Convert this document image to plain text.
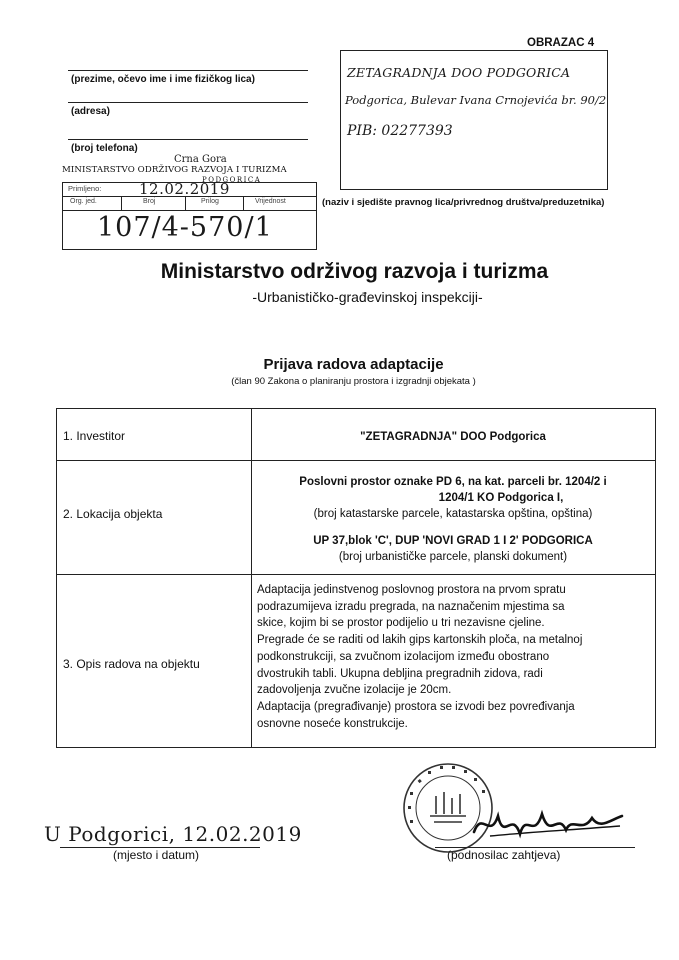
OBRAZAC 4
(prezime, očevo ime i ime fizičkog lica)
(adresa)
(broj telefona)
ZETAGRADNJA DOO PODGORICA
Podgorica, Bulevar Ivana Crnojevića br. 90/2
PIB: 02277393
(naziv i sjedište pravnog lica/privrednog društva/preduzetnika)
Crna Gora
MINISTARSTVO ODRŽIVOG RAZVOJA I TURIZMA
PODGORICA
Primljeno:	12.02.2019
Org. jed.	Broj	Prilog	Vrijednost
107/4-570/1
Ministarstvo održivog razvoja i turizma
-Urbanističko-građevinskoj inspekciji-
Prijava radova adaptacije
(član 90 Zakona o planiranju prostora i izgradnji objekata )
1. Investitor	"ZETAGRADNJA" DOO Podgorica
2. Lokacija objekta
Poslovni prostor oznake PD 6, na kat. parceli br. 1204/2 i
1204/1 KO Podgorica I,
(broj katastarske parcele, katastarska opština, opština)
UP 37,blok 'C', DUP 'NOVI GRAD 1 I 2' PODGORICA
(broj urbanističke parcele, planski dokument)
3. Opis radova na objektu
Adaptacija jedinstvenog poslovnog prostora na prvom spratu
podrazumijeva izradu pregrada, na naznačenim mjestima sa
skice, kojim bi se prostor podijelio u tri nezavisne cjeline.
Pregrade će se raditi od lakih gips kartonskih ploča, na metalnoj
podkonstrukciji, sa zvučnom izolacijom između obostrano
dvostrukih tabli. Ukupna debljina pregradnih zidova, radi
zadovoljenja zvučne izolacije je 20cm.
Adaptacija (pregrađivanje) prostora se izvodi bez povređivanja
osnovne noseće konstrukcije.
U Podgorici, 12.02.2019
(mjesto i datum)	(podnosilac zahtjeva)
